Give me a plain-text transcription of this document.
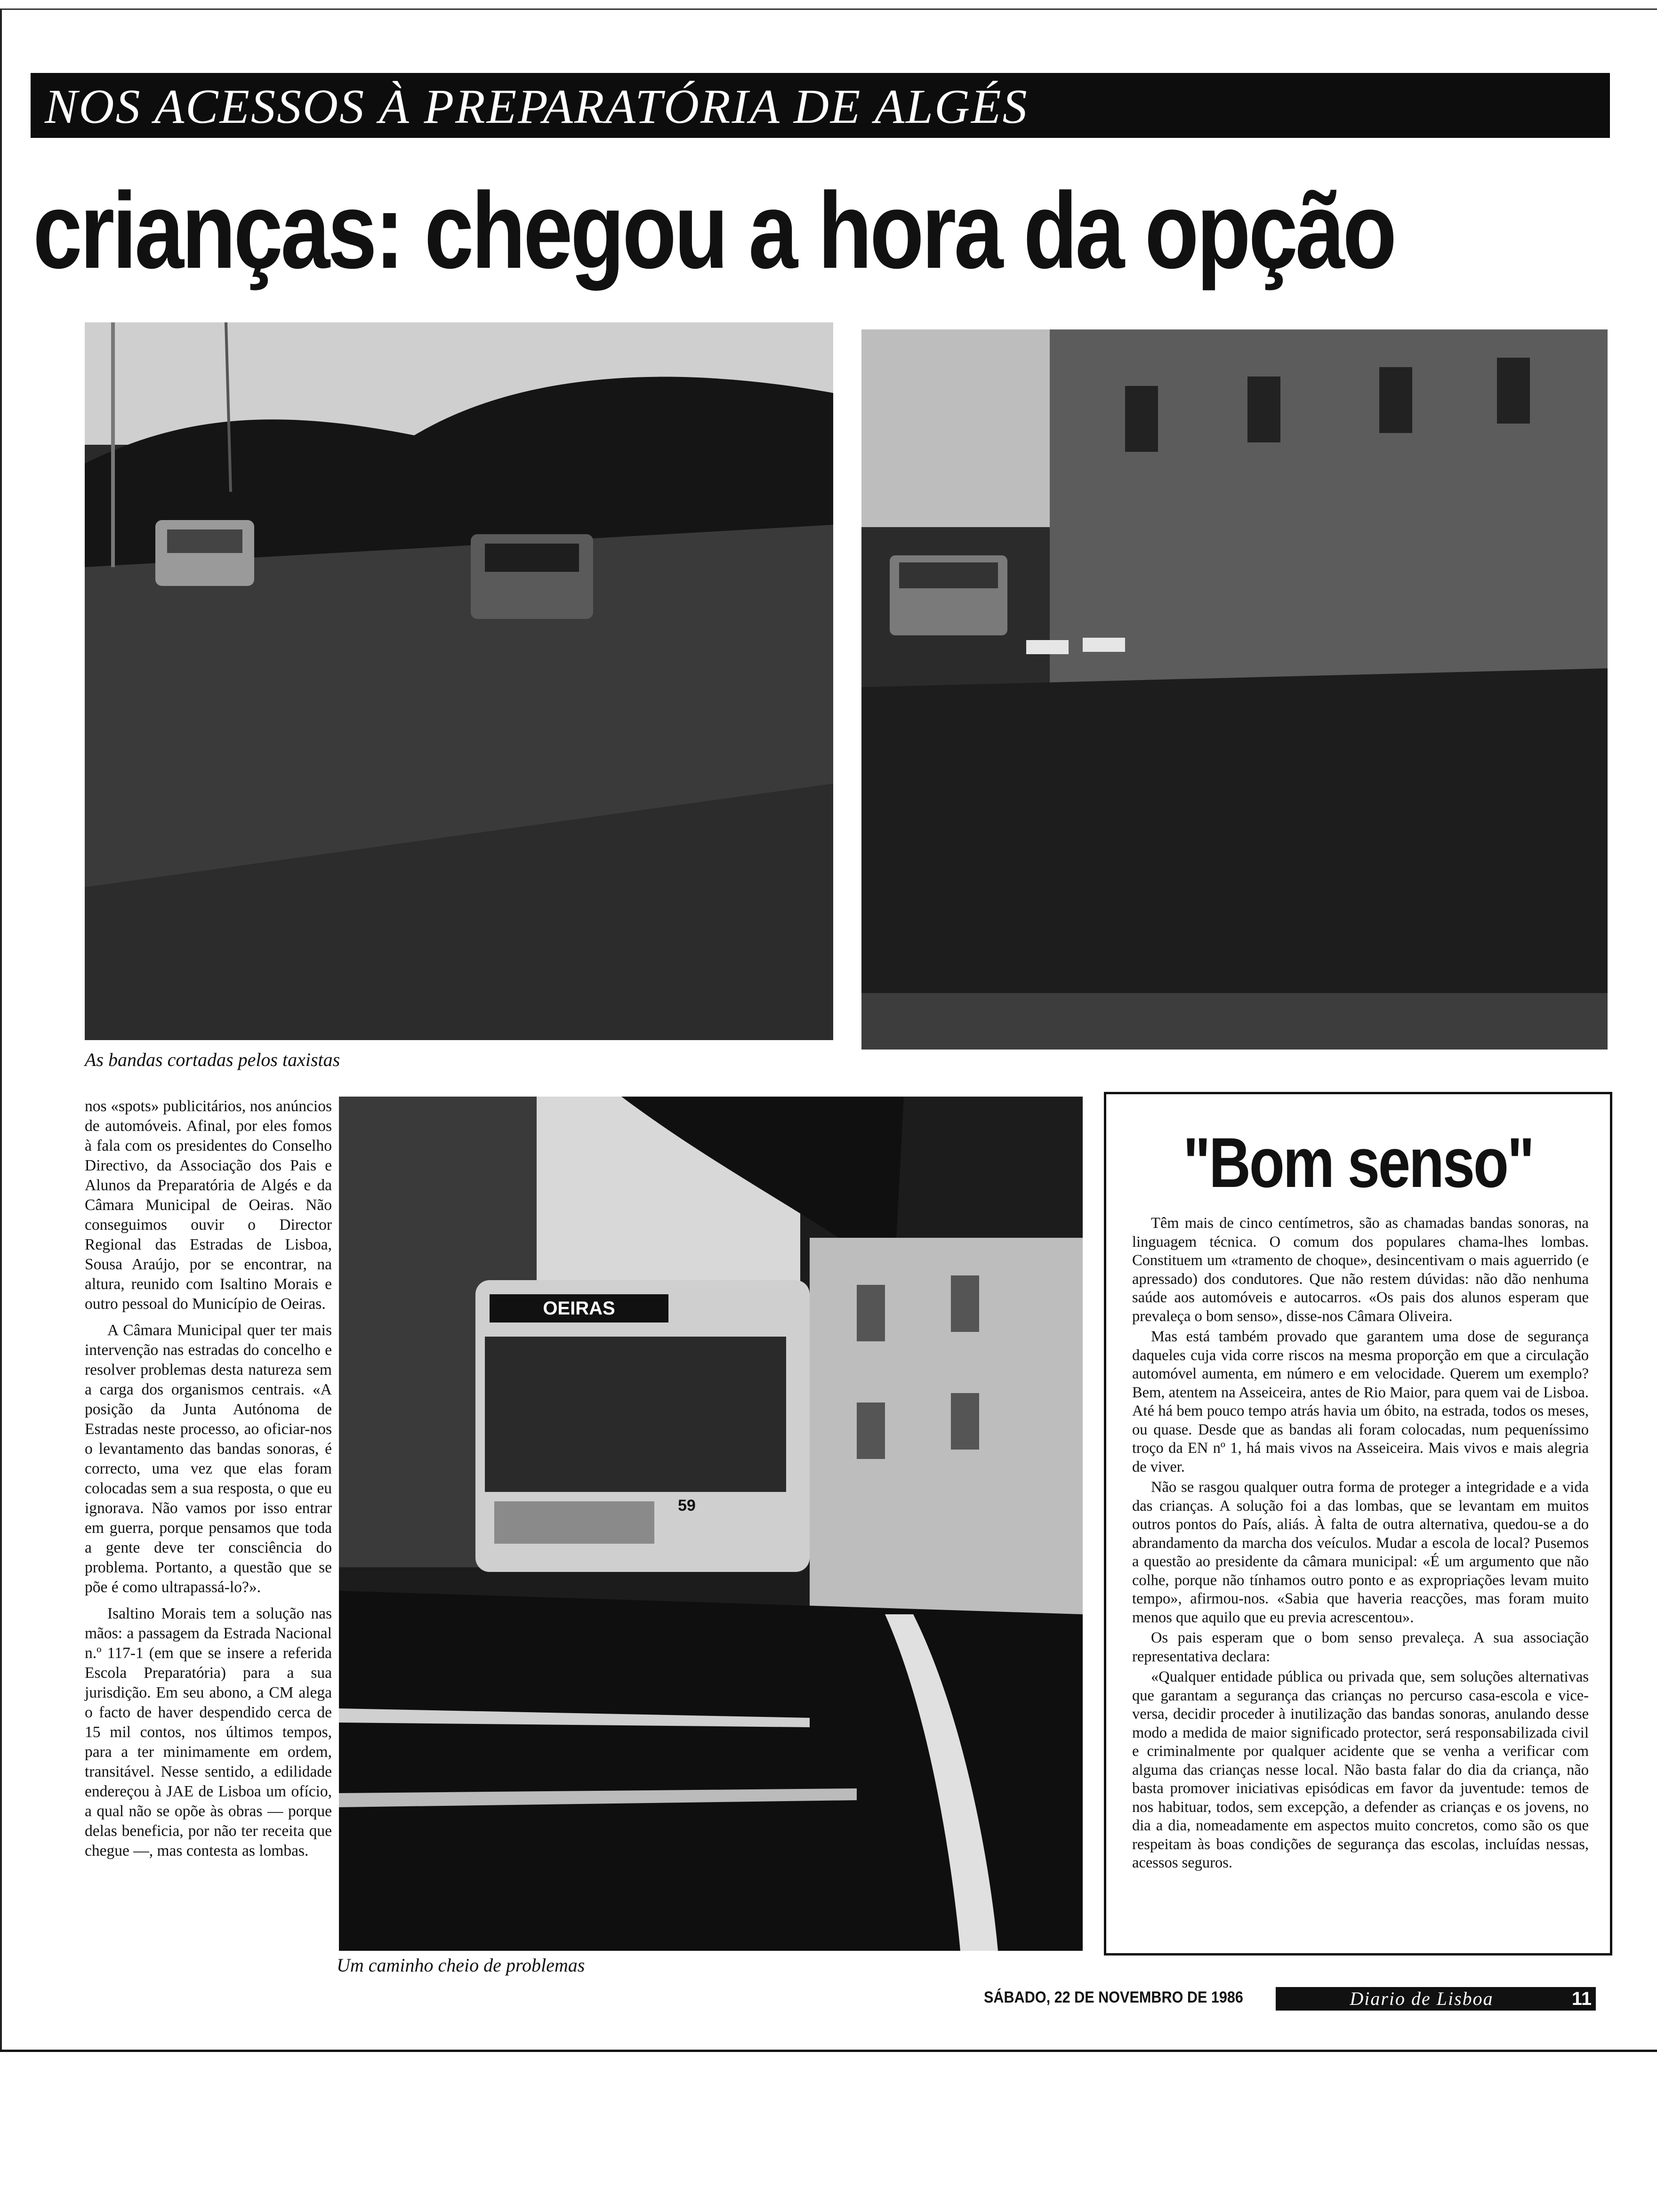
NOS ACESSOS À PREPARATÓRIA DE ALGÉS
crianças: chegou a hora da opção
As bandas cortadas pelos taxistas

nos «spots» publicitários, nos anúncios de automóveis. Afinal, por eles fomos à fala com os presidentes do Conselho Directivo, da Associação dos Pais e Alunos da Preparatória de Algés e da Câmara Municipal de Oeiras. Não conseguimos ouvir o Director Regional das Estradas de Lisboa, Sousa Araújo, por se encontrar, na altura, reunido com Isaltino Morais e outro pessoal do Município de Oeiras.

A Câmara Municipal quer ter mais intervenção nas estradas do concelho e resolver problemas desta natureza sem a carga dos organismos centrais. «A posição da Junta Autónoma de Estradas neste processo, ao oficiar-nos o levantamento das bandas sonoras, é correcto, uma vez que elas foram colocadas sem a sua resposta, o que eu ignorava. Não vamos por isso entrar em guerra, porque pensamos que toda a gente deve ter consciência do problema. Portanto, a questão que se põe é como ultrapassá-lo?».

Isaltino Morais tem a solução nas mãos: a passagem da Estrada Nacional n.º 117-1 (em que se insere a referida Escola Preparatória) para a sua jurisdição. Em seu abono, a CM alega o facto de haver despendido cerca de 15 mil contos, nos últimos tempos, para a ter minimamente em ordem, transitável. Nesse sentido, a edilidade endereçou à JAE de Lisboa um ofício, a qual não se opõe às obras — porque delas beneficia, por não ter receita que chegue —, mas contesta as lombas.

OEIRAS
59
Um caminho cheio de problemas
"Bom senso"

Têm mais de cinco centímetros, são as chamadas bandas sonoras, na linguagem técnica. O comum dos populares chama-lhes lombas. Constituem um «tramento de choque», desincentivam o mais aguerrido (e apressado) dos condutores. Que não restem dúvidas: não dão nenhuma saúde aos automóveis e autocarros. «Os pais dos alunos esperam que prevaleça o bom senso», disse-nos Câmara Oliveira.

Mas está também provado que garantem uma dose de segurança daqueles cuja vida corre riscos na mesma proporção em que a circulação automóvel aumenta, em número e em velocidade. Querem um exemplo? Bem, atentem na Asseiceira, antes de Rio Maior, para quem vai de Lisboa. Até há bem pouco tempo atrás havia um óbito, na estrada, todos os meses, ou quase. Desde que as bandas ali foram colocadas, num pequeníssimo troço da EN nº 1, há mais vivos na Asseiceira. Mais vivos e mais alegria de viver.

Não se rasgou qualquer outra forma de proteger a integridade e a vida das crianças. A solução foi a das lombas, que se levantam em muitos outros pontos do País, aliás. À falta de outra alternativa, quedou-se a do abrandamento da marcha dos veículos. Mudar a escola de local? Pusemos a questão ao presidente da câmara municipal: «É um argumento que não colhe, porque não tínhamos outro ponto e as expropriações levam muito tempo», afirmou-nos. «Sabia que haveria reacções, mas foram muito menos que aquilo que eu previa acrescentou».

Os pais esperam que o bom senso prevaleça. A sua associação representativa declara:

«Qualquer entidade pública ou privada que, sem soluções alternativas que garantam a segurança das crianças no percurso casa-escola e vice-versa, decidir proceder à inutilização das bandas sonoras, anulando desse modo a medida de maior significado protector, será responsabilizada civil e criminalmente por qualquer acidente que se venha a verificar com alguma das crianças nesse local. Não basta falar do dia da criança, não basta promover iniciativas episódicas em favor da juventude: temos de nos habituar, todos, sem excepção, a defender as crianças e os jovens, no dia a dia, nomeadamente em aspectos muito concretos, como são os que respeitam às boas condições de segurança das escolas, incluídas nessas, acessos seguros.

SÁBADO, 22 DE NOVEMBRO DE 1986	Diario de Lisboa	11
